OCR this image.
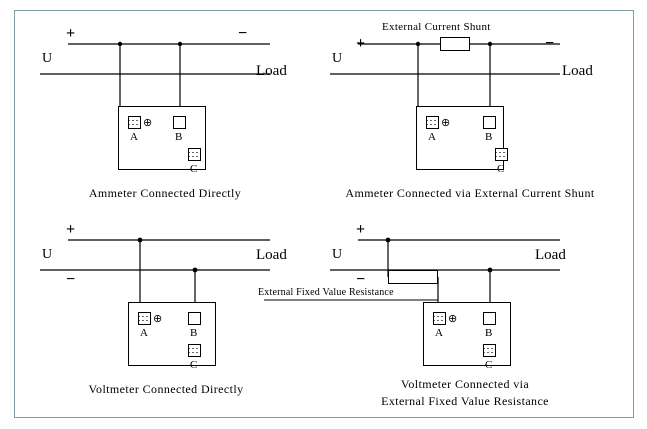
+	−
U
Load
⊕
A	B
C
Ammeter Connected Directly
External Current Shunt
+	−
U
Load
⊕
A	B
C
Ammeter Connected via External Current Shunt
+
U
−
Load
⊕
A	B
C
Voltmeter Connected Directly
+
U
−
Load
External Fixed Value Resistance
⊕
A	B
C
Voltmeter Connected via
External Fixed Value Resistance
